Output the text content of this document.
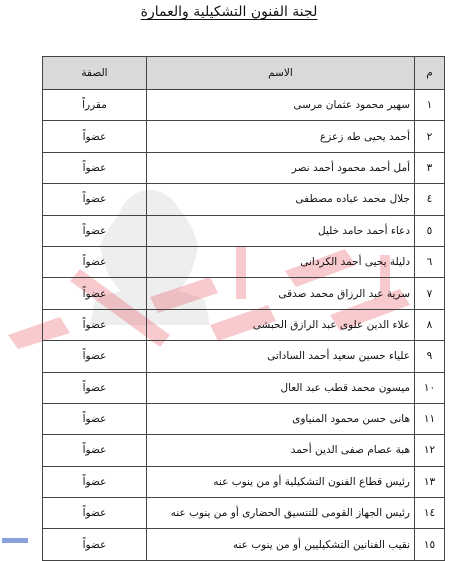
لجنة الفنون التشكيلية والعمارة
م	الاسم	الصفة
١	سهير محمود عثمان مرسى	مقرراً
٢	أحمد يحيى طه زعزع	عضواً
٣	أمل أحمد محمود أحمد نصر	عضواً
٤	جلال محمد عباده مصطفى	عضواً
٥	دعاء أحمد حامد خليل	عضواً
٦	دليلة يحيى أحمد الكردانى	عضواً
٧	سرية عبد الرزاق محمد صدقى	عضواً
٨	علاء الدين علوى عبد الرازق الحبشى	عضواً
٩	علياء حسين سعيد أحمد الساداتى	عضواً
١٠	ميسون محمد قطب عبد العال	عضواً
١١	هانى حسن محمود المنياوى	عضواً
١٢	هبة عصام صفى الدين أحمد	عضواً
١٣	رئيس قطاع الفنون التشكيلية أو من ينوب عنه	عضواً
١٤	رئيس الجهاز القومى للتنسيق الحضارى أو من ينوب عنه	عضواً
١٥	نقيب الفنانين التشكيليين أو من ينوب عنه	عضواً
